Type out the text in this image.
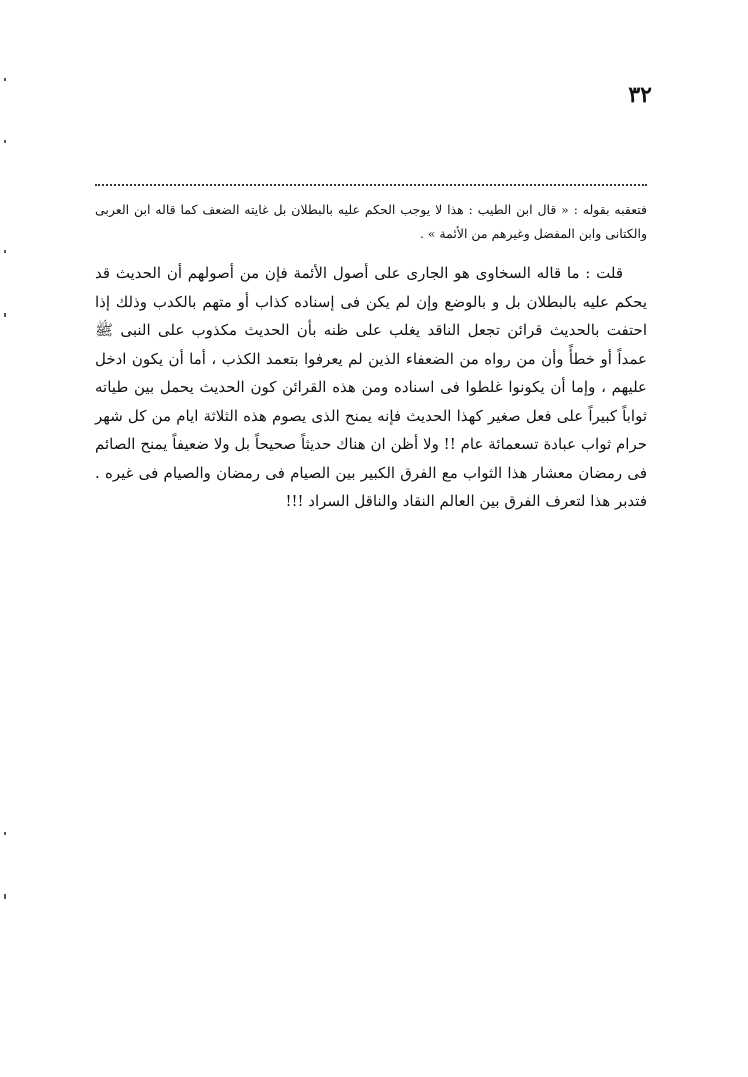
٣٢

فتعقبه بقوله : « قال ابن الطيب : هذا لا يوجب الحكم عليه بالبطلان بل غايته الضعف كما قاله ابن العربى والكتانى وابن المفضل وغيرهم من الأئمة » .

قلت : ما قاله السخاوى هو الجارى على أصول الأئمة فإن من أصولهم أن الحديث قد يحكم عليه بالبطلان بل و بالوضع وإن لم يكن فى إسناده كذاب أو متهم بالكدب وذلك إذا احتفت بالحديث قرائن تجعل الناقد يغلب على ظنه بأن الحديث مكذوب على النبى ﷺ عمداً أو خطأً وأن من رواه من الضعفاء الذين لم يعرفوا بتعمد الكذب ، أما أن يكون ادخل عليهم ، وإما أن يكونوا غلطوا فى اسناده ومن هذه القرائن كون الحديث يحمل بين طياته ثواباً كبيراً على فعل صغير كهذا الحديث فإنه يمنح الذى يصوم هذه الثلاثة ايام من كل شهر حرام ثواب عبادة تسعمائة عام !! ولا أظن ان هناك حديثاً صحيحاً بل ولا ضعيفاً يمنح الصائم فى رمضان معشار هذا الثواب مع الفرق الكبير بين الصيام فى رمضان والصيام فى غيره . فتدبر هذا لتعرف الفرق بين العالم النقاد والناقل السراد !!!
